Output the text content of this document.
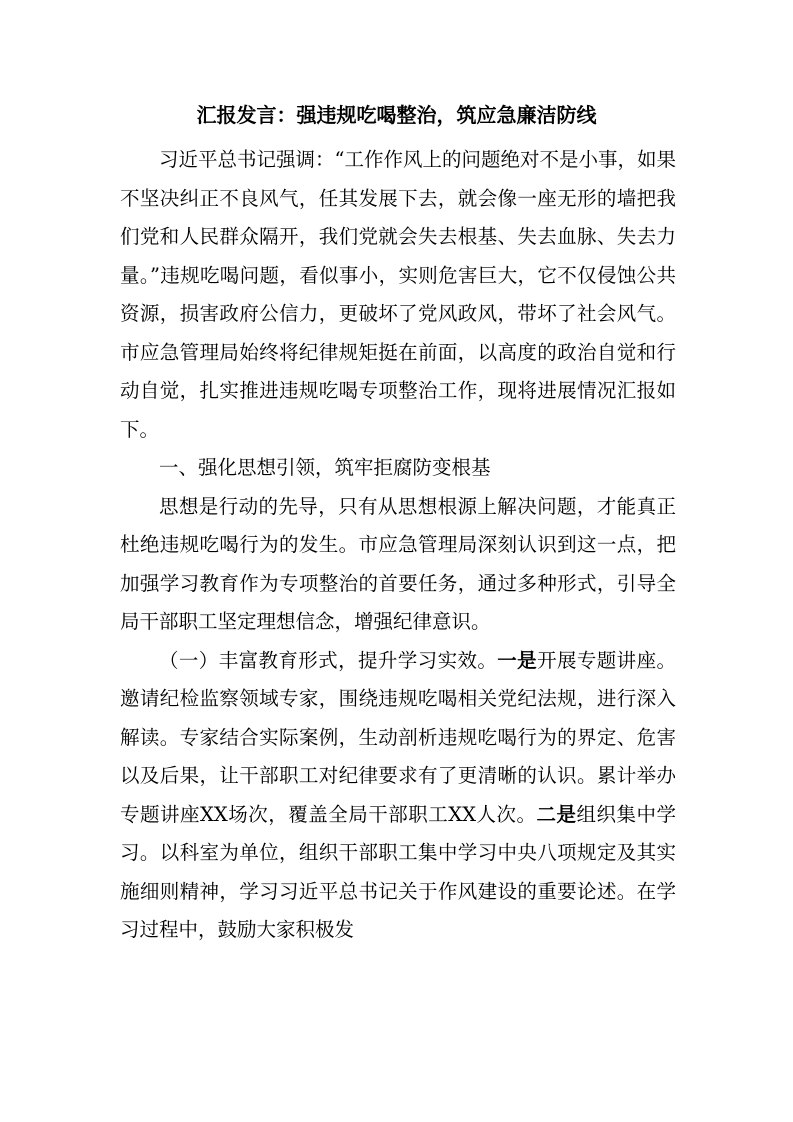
汇报发言：强违规吃喝整治，筑应急廉洁防线

习近平总书记强调：“工作作风上的问题绝对不是小事，如果不坚决纠正不良风气，任其发展下去，就会像一座无形的墙把我们党和人民群众隔开，我们党就会失去根基、失去血脉、失去力量。”违规吃喝问题，看似事小，实则危害巨大，它不仅侵蚀公共资源，损害政府公信力，更破坏了党风政风，带坏了社会风气。市应急管理局始终将纪律规矩挺在前面，以高度的政治自觉和行动自觉，扎实推进违规吃喝专项整治工作，现将进展情况汇报如下。

一、强化思想引领，筑牢拒腐防变根基

思想是行动的先导，只有从思想根源上解决问题，才能真正杜绝违规吃喝行为的发生。市应急管理局深刻认识到这一点，把加强学习教育作为专项整治的首要任务，通过多种形式，引导全局干部职工坚定理想信念，增强纪律意识。

（一）丰富教育形式，提升学习实效。一是开展专题讲座。邀请纪检监察领域专家，围绕违规吃喝相关党纪法规，进行深入解读。专家结合实际案例，生动剖析违规吃喝行为的界定、危害以及后果，让干部职工对纪律要求有了更清晰的认识。累计举办专题讲座XX场次，覆盖全局干部职工XX人次。二是组织集中学习。以科室为单位，组织干部职工集中学习中央八项规定及其实施细则精神，学习习近平总书记关于作风建设的重要论述。在学习过程中，鼓励大家积极发
